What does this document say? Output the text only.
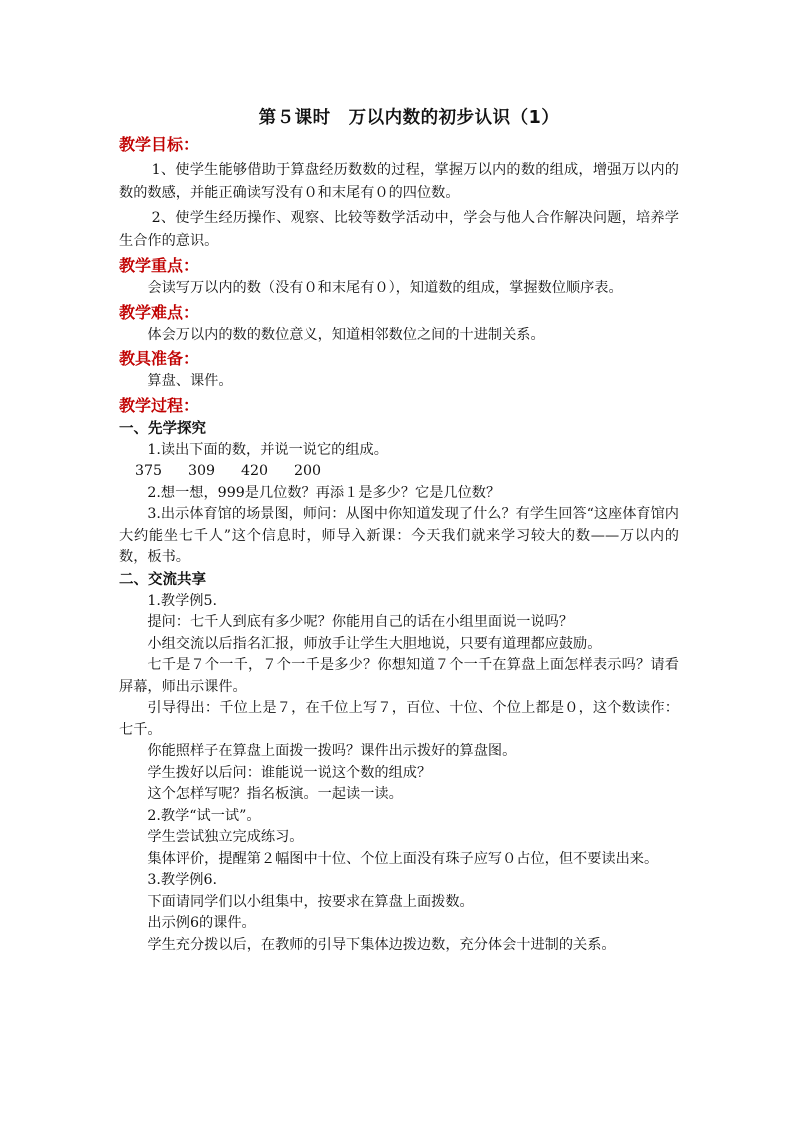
第５课时　万以内数的初步认识（1）
教学目标：

1、使学生能够借助于算盘经历数数的过程，掌握万以内的数的组成，增强万以内的数的数感，并能正确读写没有０和末尾有０的四位数。

2、使学生经历操作、观察、比较等数学活动中，学会与他人合作解决问题，培养学生合作的意识。

教学重点：

会读写万以内的数（没有０和末尾有０），知道数的组成，掌握数位顺序表。

教学难点：

体会万以内的数的数位意义，知道相邻数位之间的十进制关系。

教具准备：

算盘、课件。

教学过程：
一、先学探究

1.读出下面的数，并说一说它的组成。

375 309 420 200

2.想一想，999是几位数？再添１是多少？它是几位数？

3.出示体育馆的场景图，师问：从图中你知道发现了什么？有学生回答“这座体育馆内大约能坐七千人”这个信息时，师导入新课：今天我们就来学习较大的数——万以内的数，板书。

二、交流共享

1.教学例5.

提问：七千人到底有多少呢？你能用自己的话在小组里面说一说吗？

小组交流以后指名汇报，师放手让学生大胆地说，只要有道理都应鼓励。

七千是７个一千，７个一千是多少？你想知道７个一千在算盘上面怎样表示吗？请看屏幕，师出示课件。

引导得出：千位上是７，在千位上写７，百位、十位、个位上都是０，这个数读作：七千。

你能照样子在算盘上面拨一拨吗？课件出示拨好的算盘图。

学生拨好以后问：谁能说一说这个数的组成？

这个怎样写呢？指名板演。一起读一读。

2.教学“试一试”。

学生尝试独立完成练习。

集体评价，提醒第２幅图中十位、个位上面没有珠子应写０占位，但不要读出来。

3.教学例6.

下面请同学们以小组集中，按要求在算盘上面拨数。

出示例6的课件。

学生充分拨以后，在教师的引导下集体边拨边数，充分体会十进制的关系。
